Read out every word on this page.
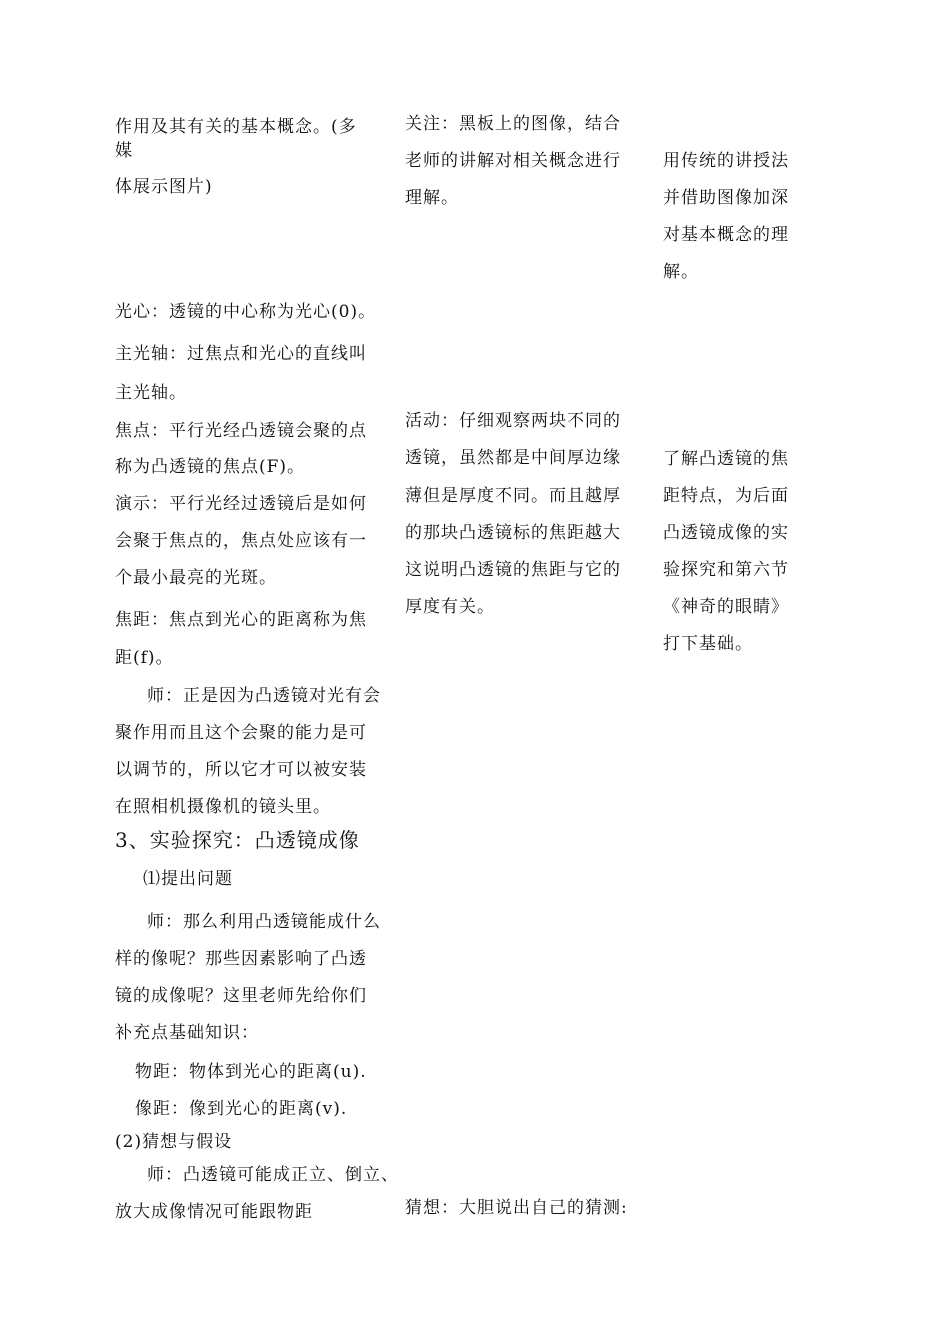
作用及其有关的基本概念。(多
媒
体展示图片)
光心：透镜的中心称为光心(0)。
主光轴：过焦点和光心的直线叫
主光轴。
焦点：平行光经凸透镜会聚的点
称为凸透镜的焦点(F)。
演示：平行光经过透镜后是如何
会聚于焦点的，焦点处应该有一
个最小最亮的光斑。
焦距：焦点到光心的距离称为焦
距(f)。
师：正是因为凸透镜对光有会
聚作用而且这个会聚的能力是可
以调节的，所以它才可以被安装
在照相机摄像机的镜头里。
3、实验探究：凸透镜成像
⑴提出问题
师：那么利用凸透镜能成什么
样的像呢？那些因素影响了凸透
镜的成像呢？这里老师先给你们
补充点基础知识：
物距：物体到光心的距离(u).
像距：像到光心的距离(v).
(2)猜想与假设
师：凸透镜可能成正立、倒立、
放大成像情况可能跟物距
关注：黑板上的图像，结合
老师的讲解对相关概念进行
理解。
活动：仔细观察两块不同的
透镜，虽然都是中间厚边缘
薄但是厚度不同。而且越厚
的那块凸透镜标的焦距越大
这说明凸透镜的焦距与它的
厚度有关。
猜想：大胆说出自己的猜测:
用传统的讲授法
并借助图像加深
对基本概念的理
解。
了解凸透镜的焦
距特点，为后面
凸透镜成像的实
验探究和第六节
《神奇的眼睛》
打下基础。
